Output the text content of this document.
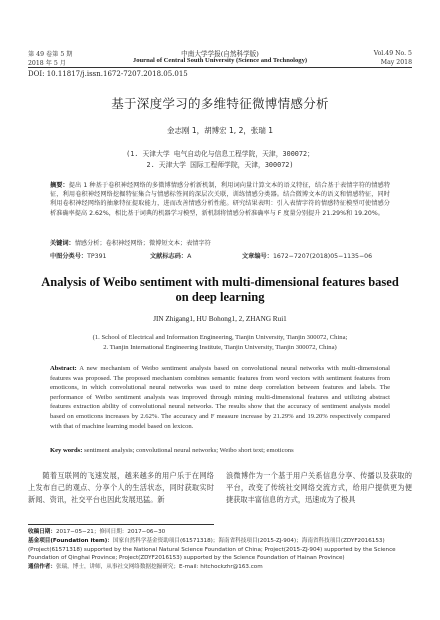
第 49 卷第 5 期	Vol.49 No. 5
2018 年 5 月	May 2018
中南大学学报(自然科学版)
Journal of Central South University (Science and Technology)
DOI: 10.11817/j.issn.1672-7207.2018.05.015
基于深度学习的多维特征微博情感分析
金志刚 1，胡博宏 1, 2，张瑞 1
(1. 天津大学 电气自动化与信息工程学院，天津，300072；
2. 天津大学 国际工程师学院，天津，300072)
摘要：提出 1 种基于卷积神经网络的多微博情感分析新机制，利用词向量计算文本的语义特征，结合基于表情字符的情感特征，利用卷积神经网络挖掘特征集合与情感标签间的深层次关联，训练情感分类器。结合微博文本的语义和情感特征，同时利用卷积神经网络的抽象特征提取能力，进而改善情感分析性能。研究结果表明：引入表情字符的情感特征模型可使情感分析准确率提高 2.62%，相比基于词典的机器学习模型，新机制将情感分析准确率与 F 度量分别提升 21.29%和 19.20%。
关键词：情感分析；卷积神经网络；微博短文本；表情字符
中图分类号：TP391	文献标志码：A	文章编号：1672−7207(2018)05−1135−06
Analysis of Weibo sentiment with multi-dimensional features based on deep learning
JIN Zhigang1, HU Bohong1, 2, ZHANG Rui1
(1. School of Electrical and Information Engineering, Tianjin University, Tianjin 300072, China;
2. Tianjin International Engineering Institute, Tianjin University, Tianjin 300072, China)
Abstract: A new mechanism of Weibo sentiment analysis based on convolutional neural networks with multi-dimensional features was proposed. The proposed mechanism combines semantic features from word vectors with sentiment features from emoticons, in which convolutional neural networks was used to mine deep correlation between features and labels. The performance of Weibo sentiment analysis was improved through mining multi-dimensional features and utilizing abstract features extraction ability of convolutional neural networks. The results show that the accuracy of sentiment analysis model based on emoticons increases by 2.62%. The accuracy and F measure increase by 21.29% and 19.20% respectively compared with that of machine learning model based on lexicon.
Key words: sentiment analysis; convolutional neural networks; Weibo short text; emoticons

随着互联网的飞速发展，越来越多的用户乐于在网络上发布自己的观点、分享个人的生活状态，同时获取实时新闻、资讯，社交平台也因此发展迅猛。新

浪微博作为一个基于用户关系信息分享、传播以及获取的平台，改变了传统社交网络交流方式，给用户提供更为便捷获取丰富信息的方式，迅速成为了极具

收稿日期：2017−05−21；修回日期：2017−06−30
基金项目(Foundation item)：国家自然科学基金资助项目(61571318)；海南省科技项目(2015-ZJ-904)；海南省科技项目(ZDYF2016153) (Project(61571318) supported by the National Natural Science Foundation of China; Project(2015-ZJ-904) supported by the Science Foundation of Qinghai Province; Project(ZDYF2016153) supported by the Science Foundation of Hainan Province)
通信作者：张瑞，博士，讲师，从事社交网络数据挖掘研究；E-mail: hitchockzhr@163.com
